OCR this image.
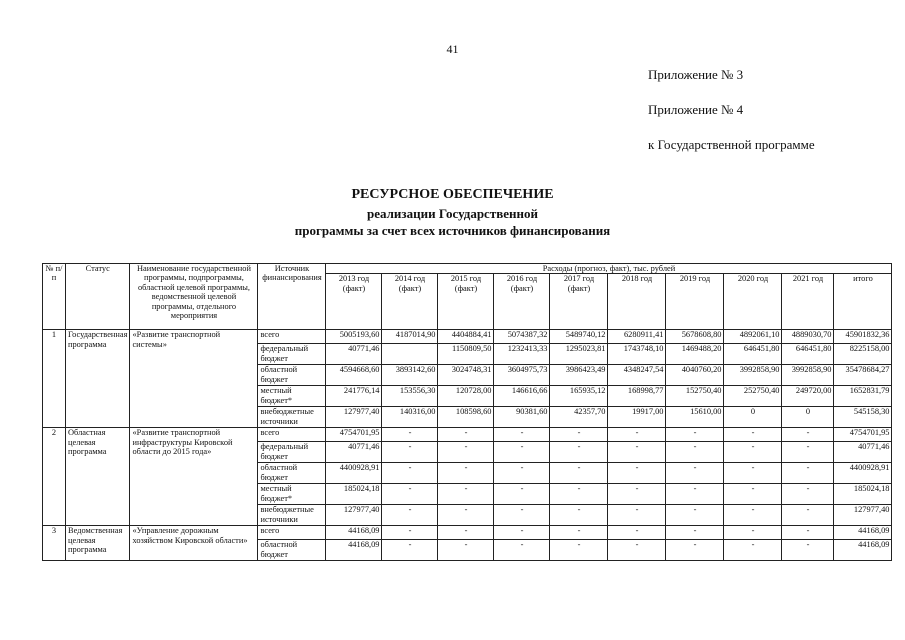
41
Приложение № 3
Приложение № 4
к Государственной программе
РЕСУРСНОЕ ОБЕСПЕЧЕНИЕ
реализации Государственной
программы за счет всех источников финансирования
№ п/п	Статус	Наименование государственной программы, подпрограммы, областной целевой программы, ведомственной целевой программы, отдельного мероприятия	Источник финансирования	Расходы (прогноз, факт), тыс. рублей									
				2013 год (факт)	2014 год (факт)	2015 год (факт)	2016 год (факт)	2017 год (факт)	2018 год	2019 год	2020 год	2021 год	итого
1	Государственная программа	«Развитие транспортной системы»	всего	5005193,60	4187014,90	4404884,41	5074387,32	5489740,12	6280911,41	5678608,80	4892061,10	4889030,70	45901832,36
			федеральный бюджет	40771,46		1150809,50	1232413,33	1295023,81	1743748,10	1469488,20	646451,80	646451,80	8225158,00
			областной бюджет	4594668,60	3893142,60	3024748,31	3604975,73	3986423,49	4348247,54	4040760,20	3992858,90	3992858,90	35478684,27
			местный бюджет*	241776,14	153556,30	120728,00	146616,66	165935,12	168998,77	152750,40	252750,40	249720,00	1652831,79
			внебюджетные источники	127977,40	140316,00	108598,60	90381,60	42357,70	19917,00	15610,00	0	0	545158,30
2	Областная целевая программа	«Развитие транспортной инфраструктуры Кировской области до 2015 года»	всего	4754701,95	-	-	-	-	-	-	-	-	4754701,95
			федеральный бюджет	40771,46	-	-	-	-	-	-	-	-	40771,46
			областной бюджет	4400928,91	-	-	-	-	-	-	-	-	4400928,91
			местный бюджет*	185024,18	-	-	-	-	-	-	-	-	185024,18
			внебюджетные источники	127977,40	-	-	-	-	-	-	-	-	127977,40
3	Ведомственная целевая программа	«Управление дорожным хозяйством Кировской области»	всего	44168,09	-	-	-	-	-	-	-	-	44168,09
			областной бюджет	44168,09	-	-	-	-	-	-	-	-	44168,09
